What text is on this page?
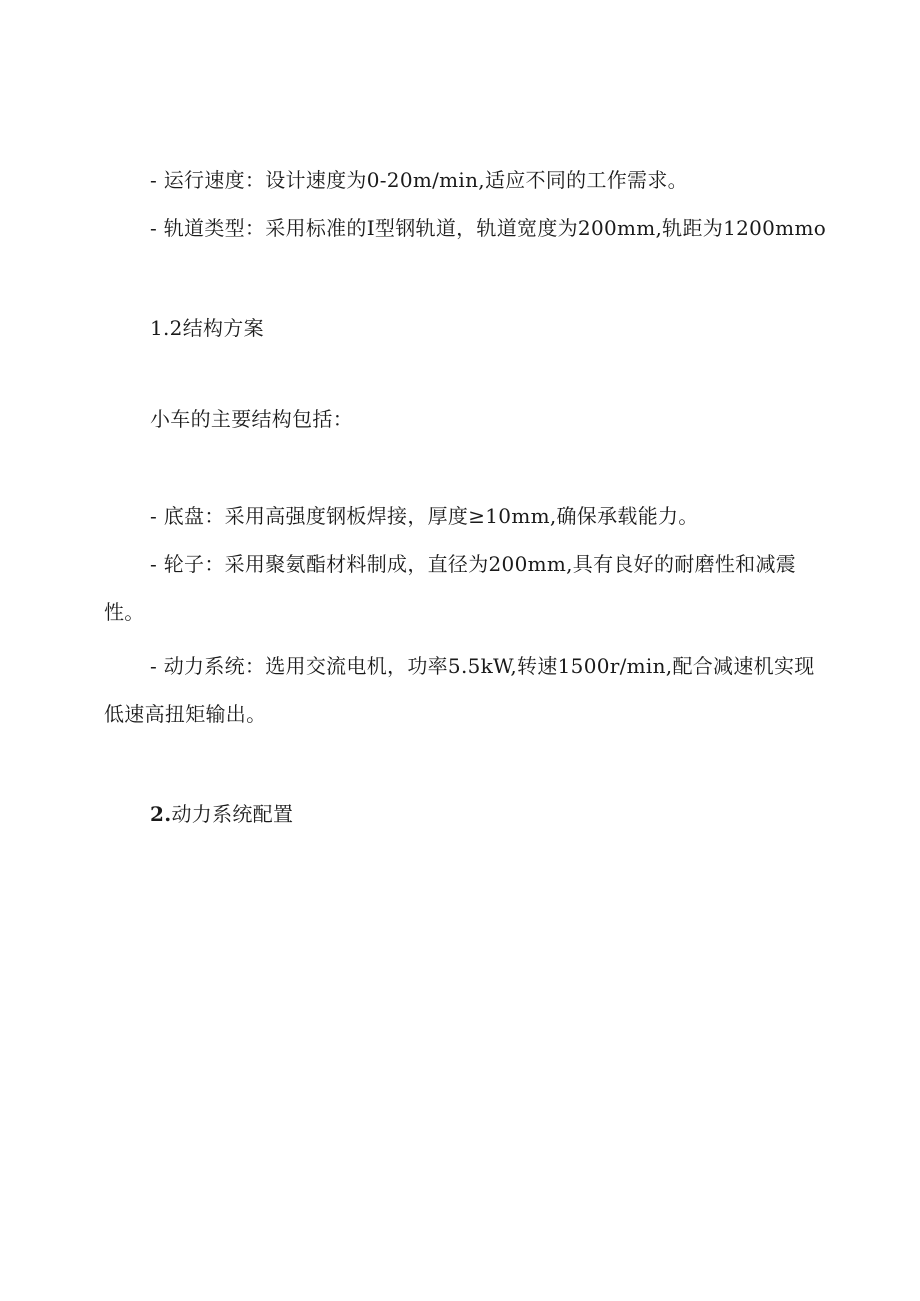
- 运行速度：设计速度为0-20m/min,适应不同的工作需求。
- 轨道类型：采用标准的I型钢轨道，轨道宽度为200mm,轨距为1200mmo
1.2结构方案
小车的主要结构包括：
- 底盘：采用高强度钢板焊接，厚度≥10mm,确保承载能力。
- 轮子：采用聚氨酯材料制成，直径为200mm,具有良好的耐磨性和减震
性。
- 动力系统：选用交流电机，功率5.5kW,转速1500r/min,配合减速机实现
低速高扭矩输出。
2.动力系统配置
